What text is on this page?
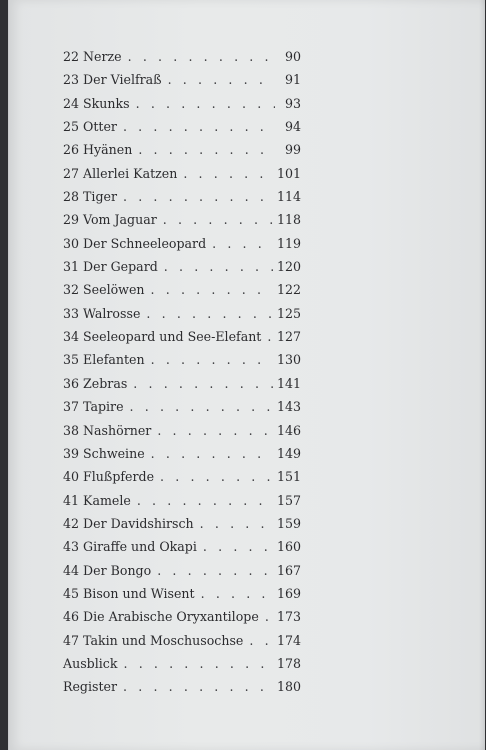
22 Nerze . . .	90
23 Der Vielfraß . . .	91
24 Skunks . . .	93
25 Otter . . .	94
26 Hyänen . . .	99
27 Allerlei Katzen . . .	101
28 Tiger . . .	114
29 Vom Jaguar . . .	118
30 Der Schneeleopard . . .	119
31 Der Gepard . . .	120
32 Seelöwen . . .	122
33 Walrosse . . .	125
34 Seeleopard und See-Elefant . . . 127
35 Elefanten . . .	130
36 Zebras . . .	141
37 Tapire . . .	143
38 Nashörner . . .	146
39 Schweine . . .	149
40 Flußpferde . . .	151
41 Kamele . . .	157
42 Der Davidshirsch . . .	159
43 Giraffe und Okapi . . .	160
44 Der Bongo . . .	167
45 Bison und Wisent . . .	169
46 Die Arabische Oryxantilope . . . 173
47 Takin und Moschusochse . . .	174
Ausblick . . .	178
Register . . .	180
